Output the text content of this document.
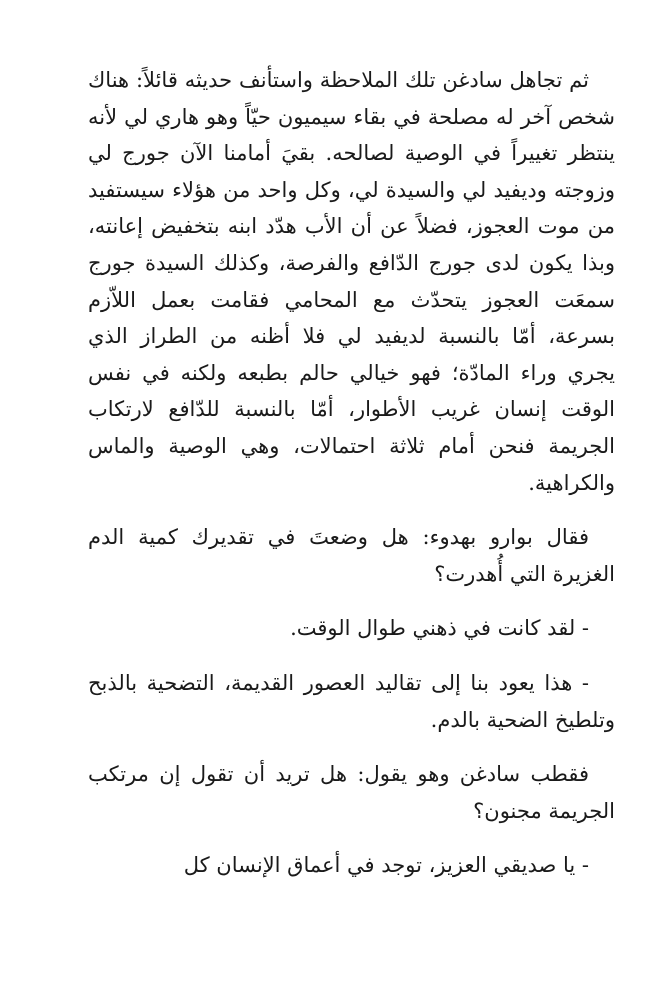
ثم تجاهل سادغن تلك الملاحظة واستأنف حديثه قائلاً: هناك شخص آخر له مصلحة في بقاء سيميون حيّاً وهو هاري لي لأنه ينتظر تغييراً في الوصية لصالحه. بقيَ أمامنا الآن جورج لي وزوجته وديفيد لي والسيدة لي، وكل واحد من هؤلاء سيستفيد من موت العجوز، فضلاً عن أن الأب هدّد ابنه بتخفيض إعانته، وبذا يكون لدى جورج الدّافع والفرصة، وكذلك السيدة جورج سمعَت العجوز يتحدّث مع المحامي فقامت بعمل اللاّزم بسرعة، أمّا بالنسبة لديفيد لي فلا أظنه من الطراز الذي يجري وراء المادّة؛ فهو خيالي حالم بطبعه ولكنه في نفس الوقت إنسان غريب الأطوار، أمّا بالنسبة للدّافع لارتكاب الجريمة فنحن أمام ثلاثة احتمالات، وهي الوصية والماس والكراهية.

فقال بوارو بهدوء: هل وضعتَ في تقديرك كمية الدم الغزيرة التي أُهدرت؟

- لقد كانت في ذهني طوال الوقت.

- هذا يعود بنا إلى تقاليد العصور القديمة، التضحية بالذبح وتلطيخ الضحية بالدم.

فقطب سادغن وهو يقول: هل تريد أن تقول إن مرتكب الجريمة مجنون؟

- يا صديقي العزيز، توجد في أعماق الإنسان كل
